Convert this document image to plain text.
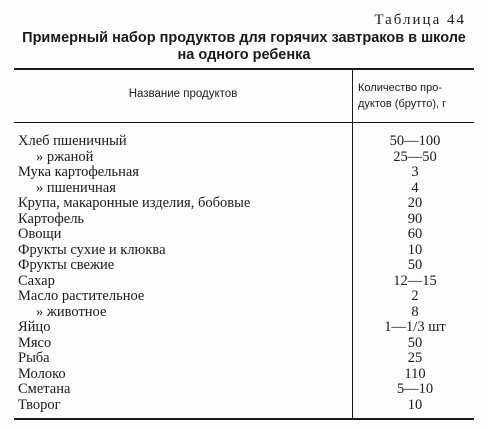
Таблица 44
Примерный набор продуктов для горячих завтраков в школе
на одного ребенка
Название продуктов	Количество про-
дуктов (брутто), г
Хлеб пшеничный	50—100
» ржаной	25—50
Мука картофельная	3
» пшеничная	4
Крупа, макаронные изделия, бобовые	20
Картофель	90
Овощи	60
Фрукты сухие и клюква	10
Фрукты свежие	50
Сахар	12—15
Масло растительное	2
» животное	8
Яйцо	1—1/3 шт
Мясо	50
Рыба	25
Молоко	110
Сметана	5—10
Творог	10
